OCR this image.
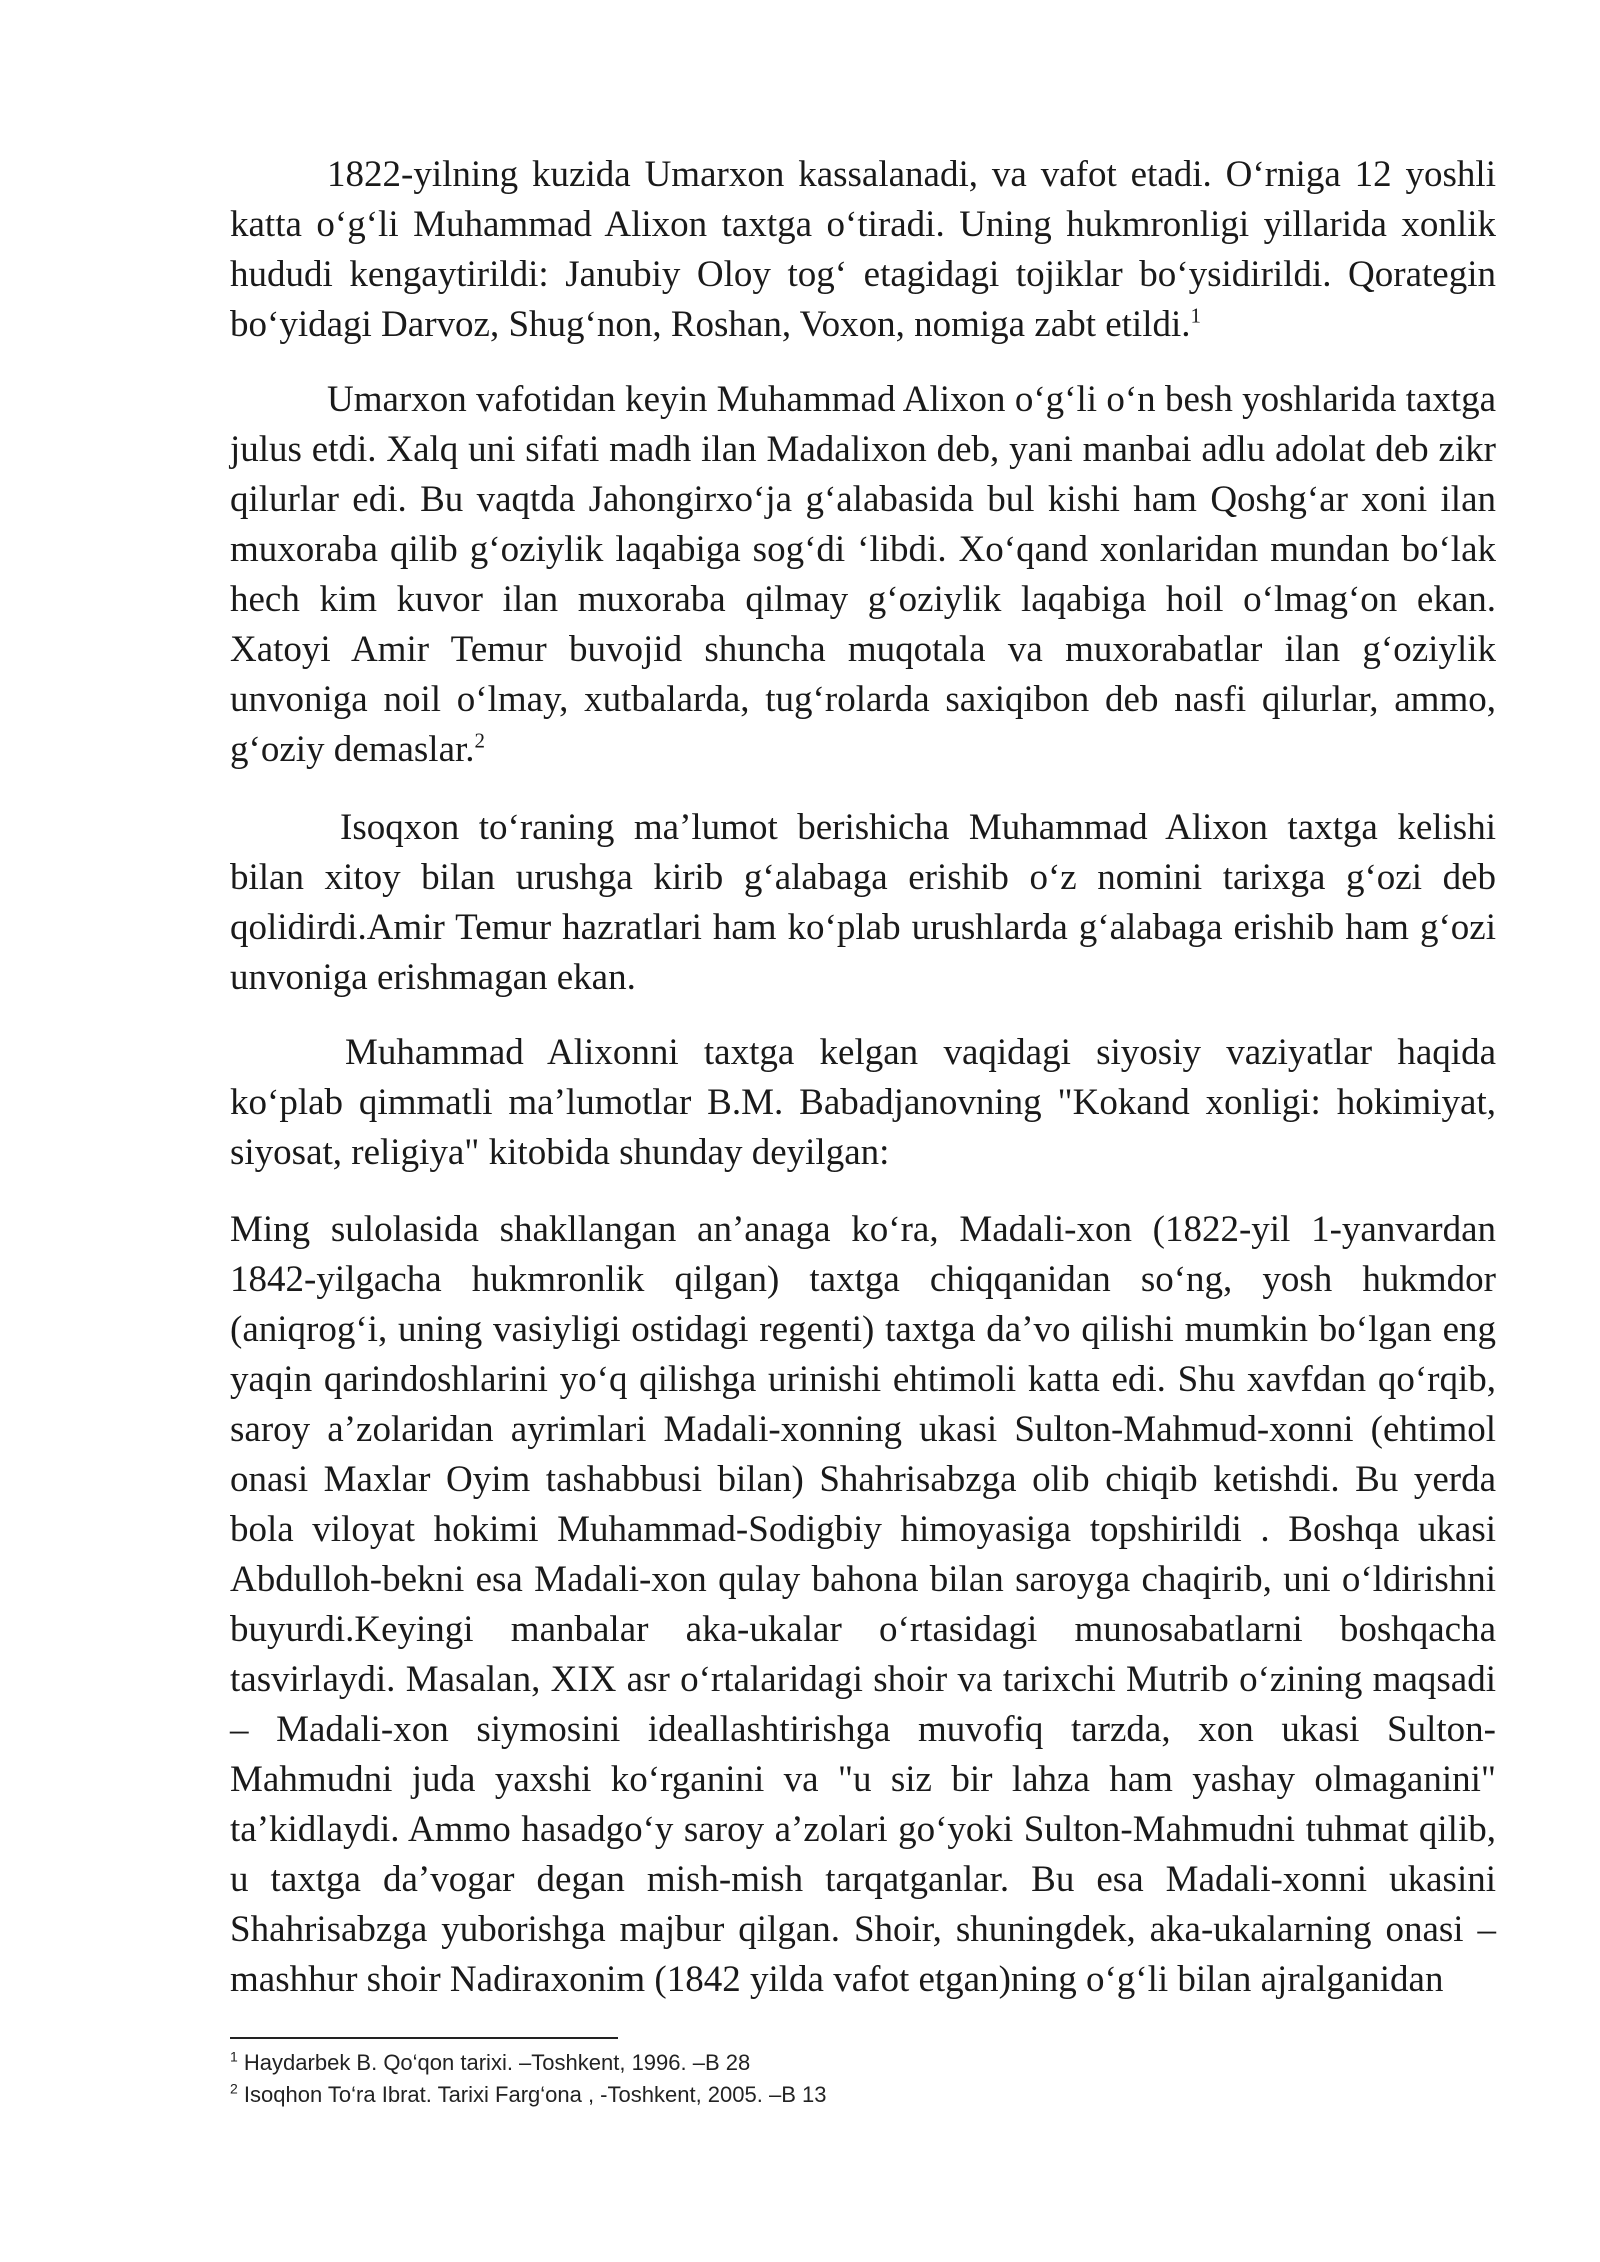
1822-yilning kuzida Umarxon kassalanadi, va vafot etadi. O‘rniga 12 yoshli katta o‘g‘li Muhammad Alixon taxtga o‘tiradi. Uning hukmronligi yillarida xonlik hududi kengaytirildi: Janubiy Oloy tog‘ etagidagi tojiklar bo‘ysidirildi. Qorategin bo‘yidagi Darvoz, Shug‘non, Roshan, Voxon, nomiga zabt etildi.$^1$

Umarxon vafotidan keyin Muhammad Alixon o‘g‘li o‘n besh yoshlarida taxtga julus etdi. Xalq uni sifati madh ilan Madalixon deb, yani manbai adlu adolat deb zikr qilurlar edi. Bu vaqtda Jahongirxo‘ja g‘alabasida bul kishi ham Qoshg‘ar xoni ilan muxoraba qilib g‘oziylik laqabiga sog‘di ‘libdi. Xo‘qand xonlaridan mundan bo‘lak hech kim kuvor ilan muxoraba qilmay g‘oziylik laqabiga hoil o‘lmag‘on ekan. Xatoyi Amir Temur buvojid shuncha muqotala va muxorabatlar ilan g‘oziylik unvoniga noil o‘lmay, xutbalarda, tug‘rolarda saxiqibon deb nasfi qilurlar, ammo, g‘oziy demaslar.$^2$

Isoqxon to‘raning ma’lumot berishicha Muhammad Alixon taxtga kelishi bilan xitoy bilan urushga kirib g‘alabaga erishib o‘z nomini tarixga g‘ozi deb qolidirdi.Amir Temur hazratlari ham ko‘plab urushlarda g‘alabaga erishib ham g‘ozi unvoniga erishmagan ekan.

Muhammad Alixonni taxtga kelgan vaqidagi siyosiy vaziyatlar haqida ko‘plab qimmatli ma’lumotlar B.M. Babadjanovning "Kokand xonligi: hokimiyat, siyosat, religiya" kitobida shunday deyilgan:

Ming sulolasida shakllangan an’anaga ko‘ra, Madali-xon (1822-yil 1-yanvardan 1842-yilgacha hukmronlik qilgan) taxtga chiqqanidan so‘ng, yosh hukmdor (aniqrog‘i, uning vasiyligi ostidagi regenti) taxtga da’vo qilishi mumkin bo‘lgan eng yaqin qarindoshlarini yo‘q qilishga urinishi ehtimoli katta edi. Shu xavfdan qo‘rqib, saroy a’zolaridan ayrimlari Madali-xonning ukasi Sulton-Mahmud-xonni (ehtimol onasi Maxlar Oyim tashabbusi bilan) Shahrisabzga olib chiqib ketishdi. Bu yerda bola viloyat hokimi Muhammad-Sodigbiy himoyasiga topshirildi . Boshqa ukasi Abdulloh-bekni esa Madali-xon qulay bahona bilan saroyga chaqirib, uni o‘ldirishni buyurdi.Keyingi manbalar aka-ukalar o‘rtasidagi munosabatlarni boshqacha tasvirlaydi. Masalan, XIX asr o‘rtalaridagi shoir va tarixchi Mutrib o‘zining maqsadi – Madali-xon siymosini ideallashtirishga muvofiq tarzda, xon ukasi Sulton-Mahmudni juda yaxshi ko‘rganini va "u siz bir lahza ham yashay olmaganini" ta’kidlaydi. Ammo hasadgo‘y saroy a’zolari go‘yoki Sulton-Mahmudni tuhmat qilib, u taxtga da’vogar degan mish-mish tarqatganlar. Bu esa Madali-xonni ukasini Shahrisabzga yuborishga majbur qilgan. Shoir, shuningdek, aka-ukalarning onasi – mashhur shoir Nadiraxonim (1842 yilda vafot etgan)ning o‘g‘li bilan ajralganidan

$^1$ Haydarbek B. Qo‘qon tarixi. –Toshkent, 1996. –B 28

$^2$ Isoqhon To‘ra Ibrat. Tarixi Farg‘ona , -Toshkent, 2005. –B 13
